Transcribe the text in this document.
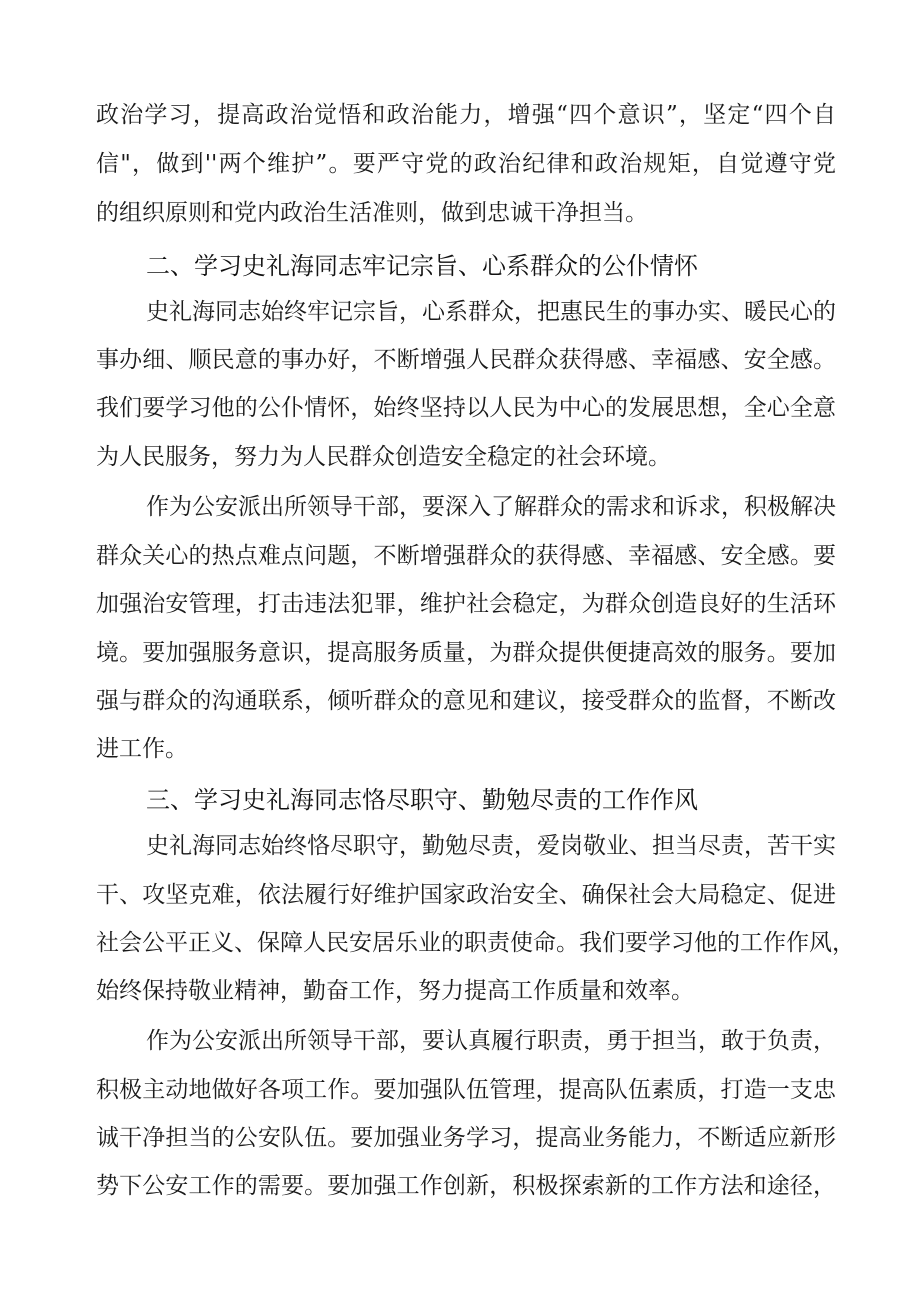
政治学习，提高政治觉悟和政治能力，增强“四个意识”，坚定“四个自
信"，做到''两个维护”。要严守党的政治纪律和政治规矩，自觉遵守党
的组织原则和党内政治生活准则，做到忠诚干净担当。
二、学习史礼海同志牢记宗旨、心系群众的公仆情怀
史礼海同志始终牢记宗旨，心系群众，把惠民生的事办实、暖民心的
事办细、顺民意的事办好，不断增强人民群众获得感、幸福感、安全感。
我们要学习他的公仆情怀，始终坚持以人民为中心的发展思想，全心全意
为人民服务，努力为人民群众创造安全稳定的社会环境。
作为公安派出所领导干部，要深入了解群众的需求和诉求，积极解决
群众关心的热点难点问题，不断增强群众的获得感、幸福感、安全感。要
加强治安管理，打击违法犯罪，维护社会稳定，为群众创造良好的生活环
境。要加强服务意识，提高服务质量，为群众提供便捷高效的服务。要加
强与群众的沟通联系，倾听群众的意见和建议，接受群众的监督，不断改
进工作。
三、学习史礼海同志恪尽职守、勤勉尽责的工作作风
史礼海同志始终恪尽职守，勤勉尽责，爱岗敬业、担当尽责，苦干实
干、攻坚克难，依法履行好维护国家政治安全、确保社会大局稳定、促进
社会公平正义、保障人民安居乐业的职责使命。我们要学习他的工作作风，
始终保持敬业精神，勤奋工作，努力提高工作质量和效率。
作为公安派出所领导干部，要认真履行职责，勇于担当，敢于负责，
积极主动地做好各项工作。要加强队伍管理，提高队伍素质，打造一支忠
诚干净担当的公安队伍。要加强业务学习，提高业务能力，不断适应新形
势下公安工作的需要。要加强工作创新，积极探索新的工作方法和途径，
